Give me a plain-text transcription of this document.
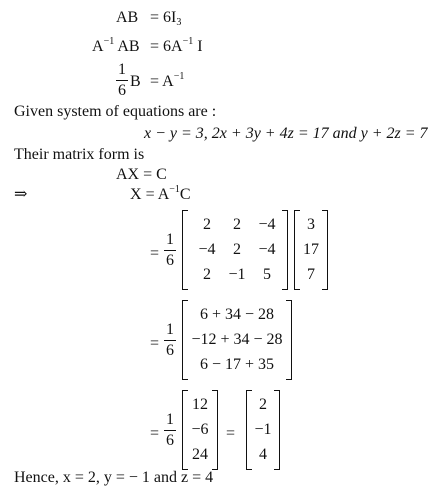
AB = $6I_3$
$A^{-1}$ AB = $6A^{-1}$ I
1
6
$B = A^{-1}$
Given system of equations are :
x − y = 3, 2x + 3y + 4z = 17 and y + 2z = 7
Their matrix form is
AX = C
⇒	$X = A^{-1}C$
=
1
6
2	2	−4
−4	2	−4
2	−1	5
3
17
7
=
1
6
6 + 34 − 28
−12 + 34 − 28
6 − 17 + 35
=
1
6
12
−6
24
=
2
−1
4
Hence, x = 2, y = − 1 and z = 4
